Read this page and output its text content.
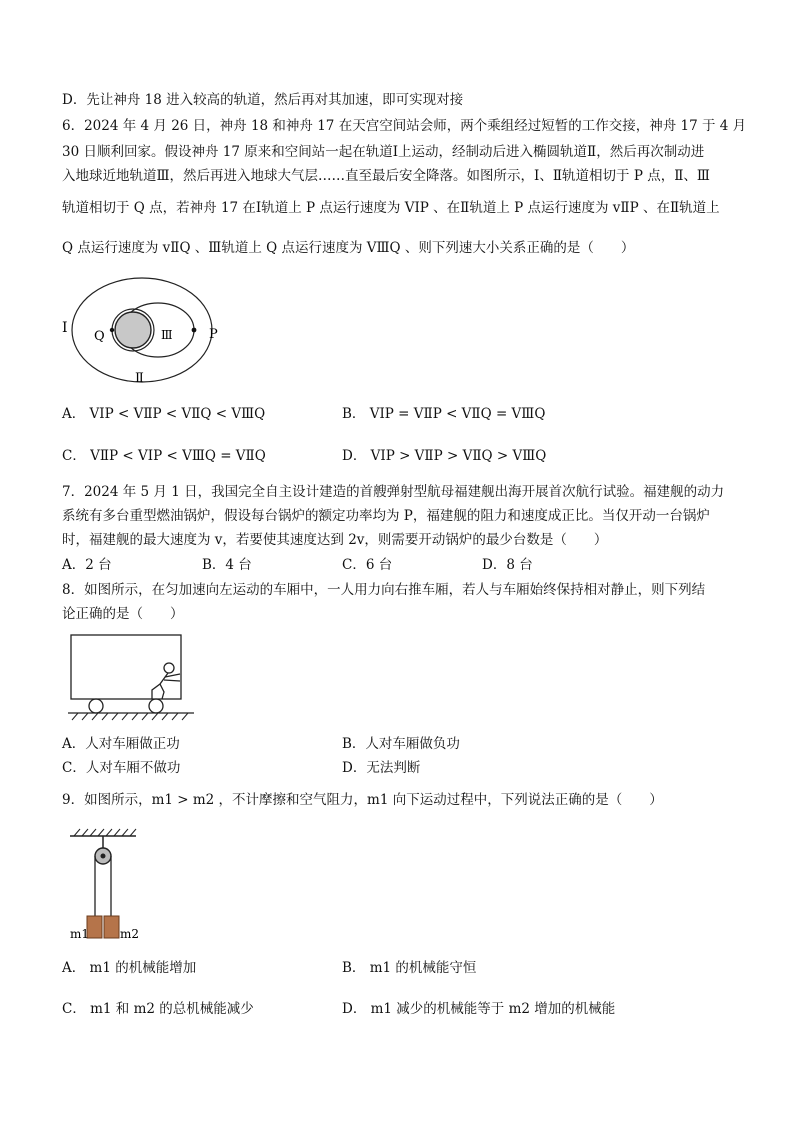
D．先让神舟 18 进入较高的轨道，然后再对其加速，即可实现对接
6．2024 年 4 月 26 日，神舟 18 和神舟 17 在天宫空间站会师，两个乘组经过短暂的工作交接，神舟 17 于 4 月
30 日顺利回家。假设神舟 17 原来和空间站一起在轨道Ⅰ上运动，经制动后进入椭圆轨道Ⅱ，然后再次制动进
入地球近地轨道Ⅲ，然后再进入地球大气层……直至最后安全降落。如图所示，Ⅰ、Ⅱ轨道相切于 P 点，Ⅱ、Ⅲ
轨道相切于 Q 点，若神舟 17 在Ⅰ轨道上 P 点运行速度为 VⅠP 、在Ⅱ轨道上 P 点运行速度为 vⅡP 、在Ⅱ轨道上
Q 点运行速度为 vⅡQ 、Ⅲ轨道上 Q 点运行速度为 VⅢQ 、则下列速大小关系正确的是（　　）
Ⅰ
Q	Ⅲ	P
Ⅱ
A． VⅠP < VⅡP < VⅡQ < VⅢQ	B． VⅠP = VⅡP < VⅡQ = VⅢQ
C． VⅡP < VⅠP < VⅢQ = VⅡQ	D． VⅠP > VⅡP > VⅡQ > VⅢQ
7．2024 年 5 月 1 日，我国完全自主设计建造的首艘弹射型航母福建舰出海开展首次航行试验。福建舰的动力
系统有多台重型燃油锅炉，假设每台锅炉的额定功率均为 P，福建舰的阻力和速度成正比。当仅开动一台锅炉
时，福建舰的最大速度为 v，若要使其速度达到 2v，则需要开动锅炉的最少台数是（　　）
A．2 台	B．4 台	C．6 台	D．8 台
8．如图所示，在匀加速向左运动的车厢中，一人用力向右推车厢，若人与车厢始终保持相对静止，则下列结
论正确的是（　　）
A．人对车厢做正功	B．人对车厢做负功
C．人对车厢不做功	D．无法判断
9．如图所示，m1 > m2 ，不计摩擦和空气阻力，m1 向下运动过程中，下列说法正确的是（　　）
m1	m2
A． m1 的机械能增加	B． m1 的机械能守恒
C． m1 和 m2 的总机械能减少	D． m1 减少的机械能等于 m2 增加的机械能
